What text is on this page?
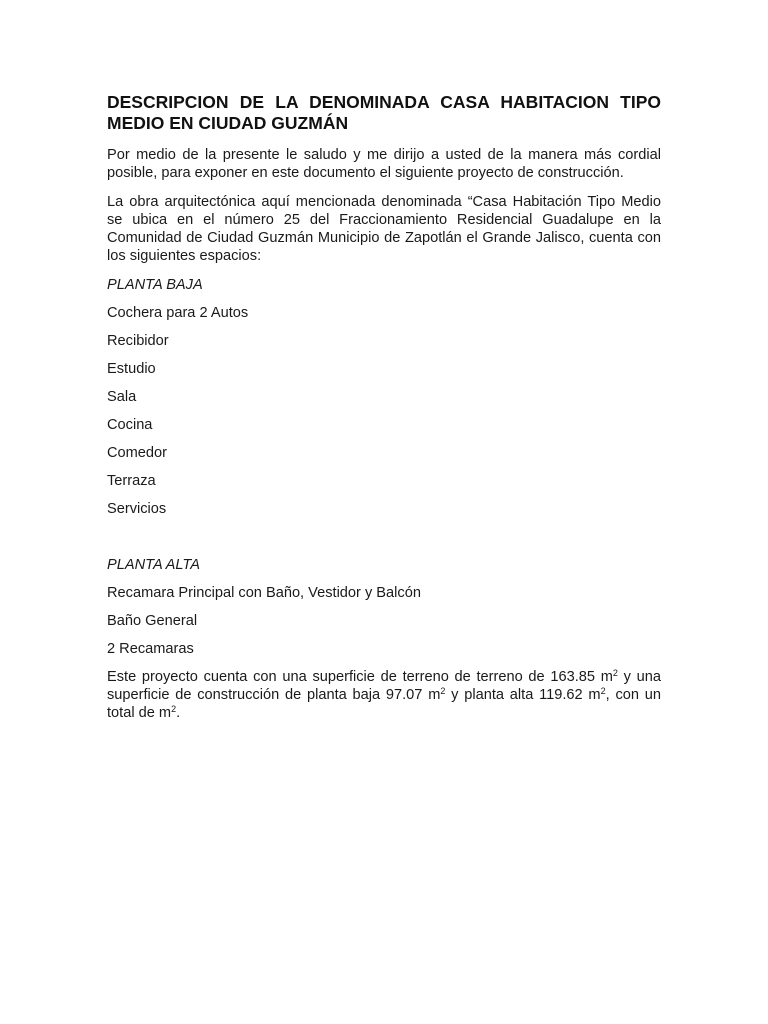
DESCRIPCION DE LA DENOMINADA CASA HABITACION TIPO MEDIO EN CIUDAD GUZMÁN

Por medio de la presente le saludo y me dirijo a usted de la manera más cordial posible, para exponer en este documento el siguiente proyecto de construcción.

La obra arquitectónica aquí mencionada denominada “Casa Habitación Tipo Medio se ubica en el número 25 del Fraccionamiento Residencial Guadalupe en la Comunidad de Ciudad Guzmán Municipio de Zapotlán el Grande Jalisco, cuenta con los siguientes espacios:

PLANTA BAJA

Cochera para 2 Autos

Recibidor

Estudio

Sala

Cocina

Comedor

Terraza

Servicios

PLANTA ALTA

Recamara Principal con Baño, Vestidor y Balcón

Baño General

2 Recamaras

Este proyecto cuenta con una superficie de terreno de terreno de 163.85 $m^2$ y una superficie de construcción de planta baja 97.07 $m^2$ y planta alta 119.62 $m^2$, con un total de $m^2$.
